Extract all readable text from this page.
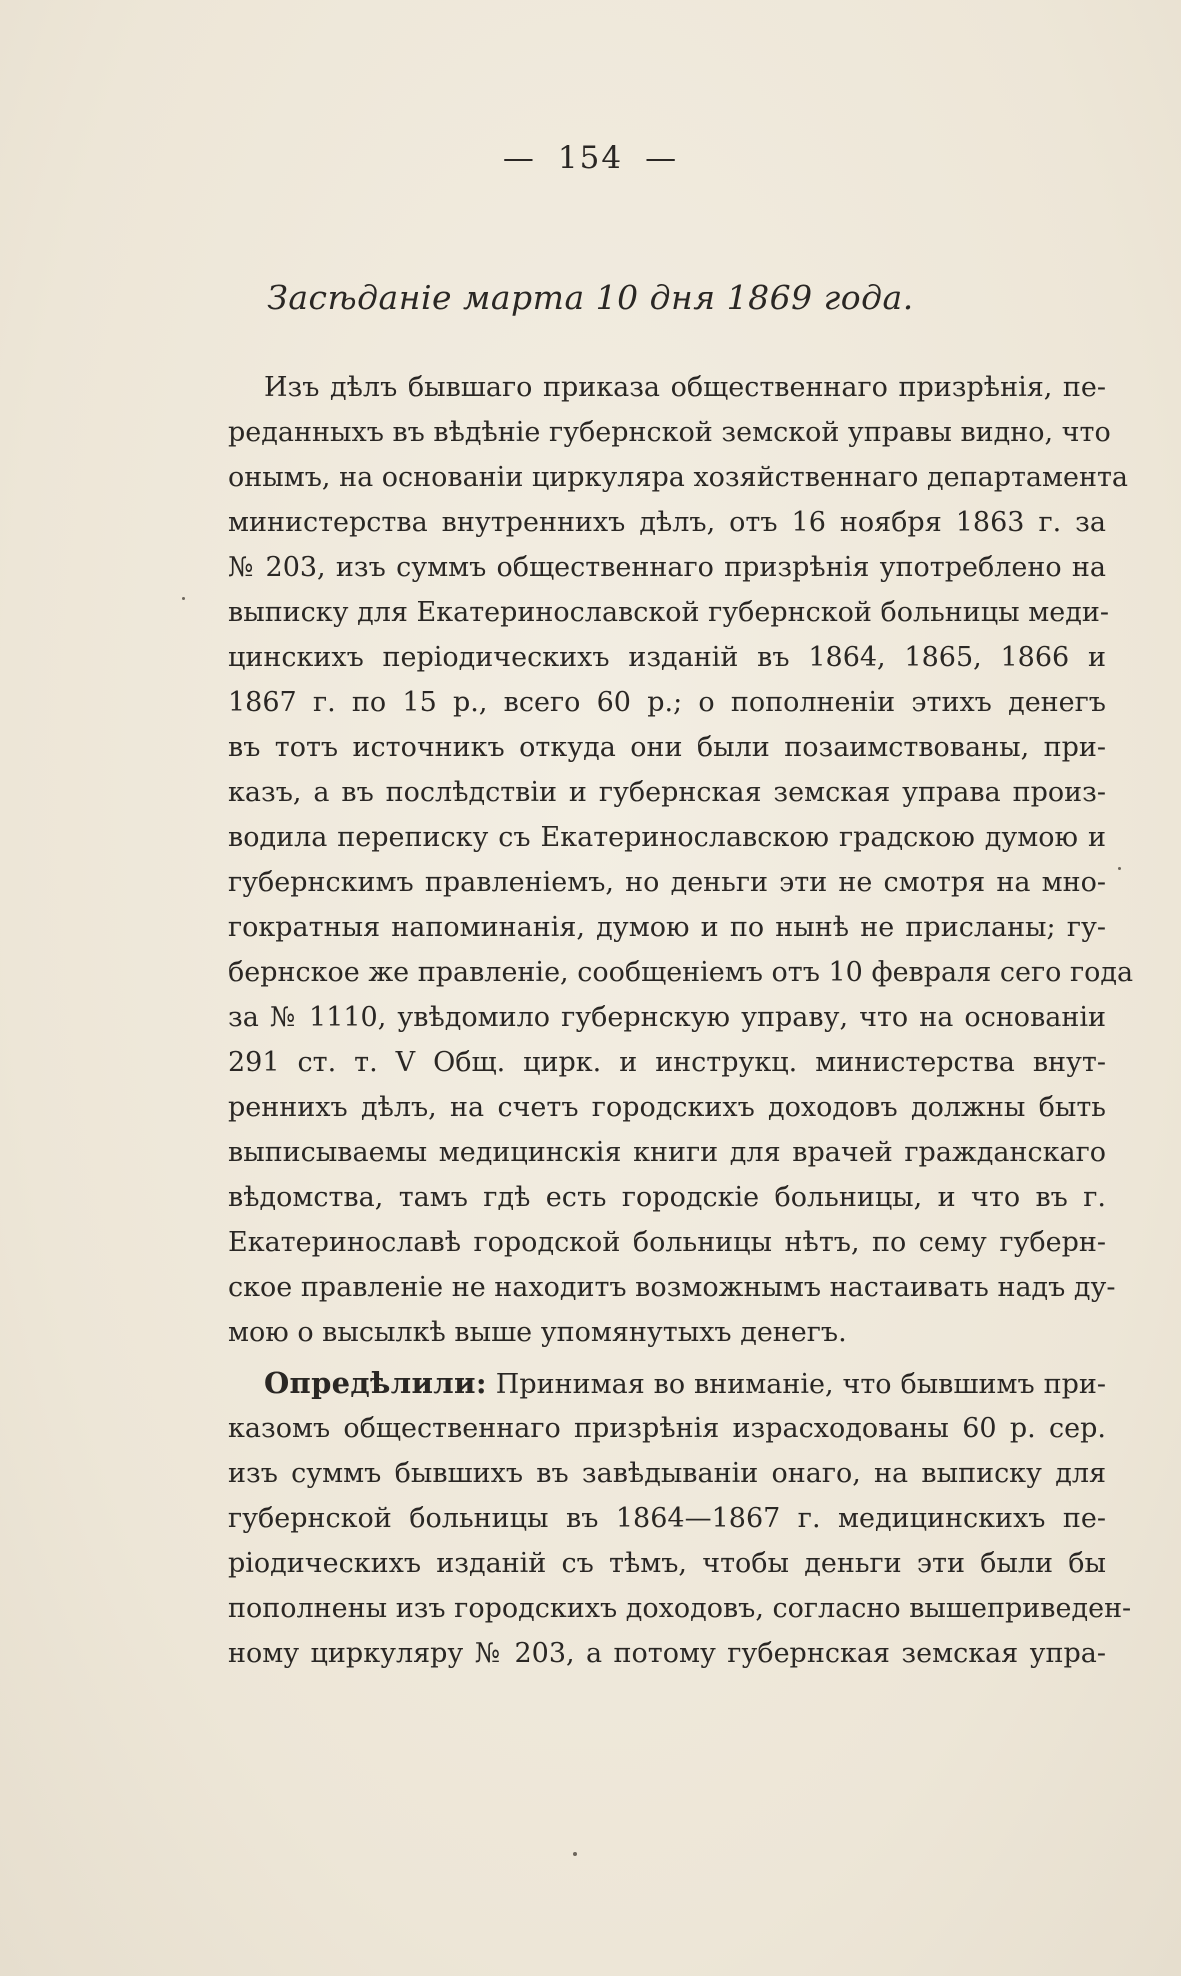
— 154 —
Засѣданіе марта 10 дня 1869 года.
Изъ дѣлъ бывшаго приказа общественнаго призрѣнія, пе-
реданныхъ въ вѣдѣніе губернской земской управы видно, что
онымъ, на основаніи циркуляра хозяйственнаго департамента
министерства внутреннихъ дѣлъ, отъ 16 ноября 1863 г. за
№ 203, изъ суммъ общественнаго призрѣнія употреблено на
выписку для Екатеринославской губернской больницы меди-
цинскихъ періодическихъ изданій въ 1864, 1865, 1866 и
1867 г. по 15 р., всего 60 р.; о пополненіи этихъ денегъ
въ тотъ источникъ откуда они были позаимствованы, при-
казъ, а въ послѣдствіи и губернская земская управа произ-
водила переписку съ Екатеринославскою градскою думою и
губернскимъ правленіемъ, но деньги эти не смотря на мно-
гократныя напоминанія, думою и по нынѣ не присланы; гу-
бернское же правленіе, сообщеніемъ отъ 10 февраля сего года
за № 1110, увѣдомило губернскую управу, что на основаніи
291 ст. т. V Общ. цирк. и инструкц. министерства внут-
реннихъ дѣлъ, на счетъ городскихъ доходовъ должны быть
выписываемы медицинскія книги для врачей гражданскаго
вѣдомства, тамъ гдѣ есть городскіе больницы, и что въ г.
Екатеринославѣ городской больницы нѣтъ, по сему губерн-
ское правленіе не находитъ возможнымъ настаивать надъ ду-
мою о высылкѣ выше упомянутыхъ денегъ.
Опредѣлили: Принимая во вниманіе, что бывшимъ при-
казомъ общественнаго призрѣнія израсходованы 60 р. сер.
изъ суммъ бывшихъ въ завѣдываніи онаго, на выписку для
губернской больницы въ 1864—1867 г. медицинскихъ пе-
ріодическихъ изданій съ тѣмъ, чтобы деньги эти были бы
пополнены изъ городскихъ доходовъ, согласно вышеприведен-
ному циркуляру № 203, а потому губернская земская упра-
